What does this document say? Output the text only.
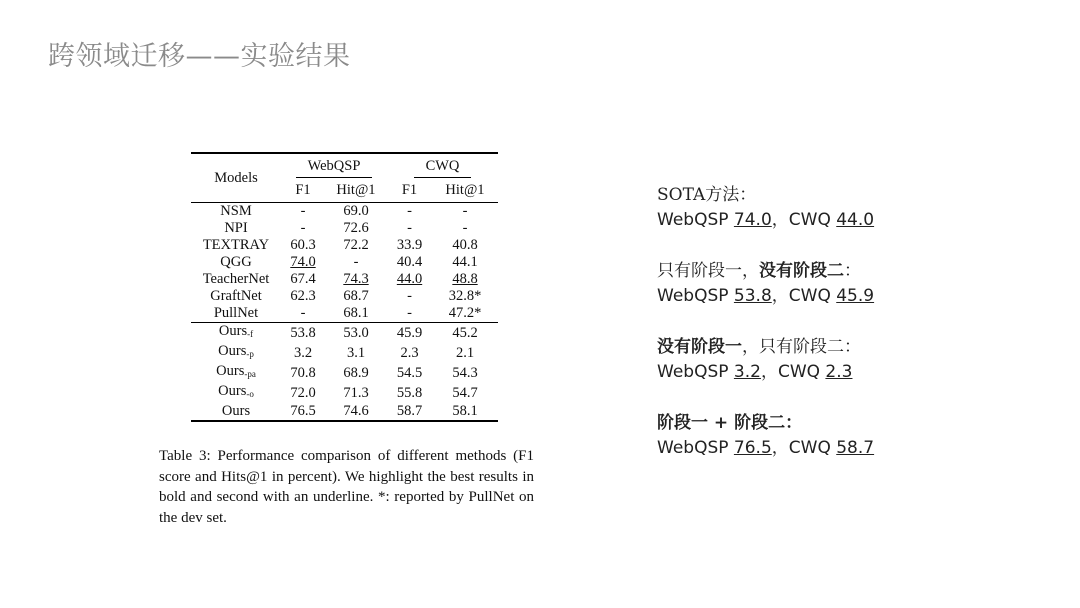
跨领域迁移——实验结果
Models	WebQSP		CWQ	
	F1	Hit@1	F1	Hit@1
NSM	-	69.0	-	-
NPI	-	72.6	-	-
TEXTRAY	60.3	72.2	33.9	40.8
QGG	74.0	-	40.4	44.1
TeacherNet	67.4	74.3	44.0	48.8
GraftNet	62.3	68.7	-	32.8*
PullNet	-	68.1	-	47.2*
Ours$_{-f}$	53.8	53.0	45.9	45.2
Ours$_{-p}$	3.2	3.1	2.3	2.1
Ours$_{-pa}$	70.8	68.9	54.5	54.3
Ours$_{-o}$	72.0	71.3	55.8	54.7
Ours	76.5	74.6	58.7	58.1
Table 3: Performance comparison of different methods (F1 score and Hits@1 in percent). We highlight the best results in bold and second with an underline. *: reported by PullNet on the dev set.
SOTA方法：
WebQSP 74.0，CWQ 44.0
只有阶段一，没有阶段二：
WebQSP 53.8，CWQ 45.9
没有阶段一，只有阶段二：
WebQSP 3.2，CWQ 2.3
阶段一 + 阶段二：
WebQSP 76.5，CWQ 58.7
